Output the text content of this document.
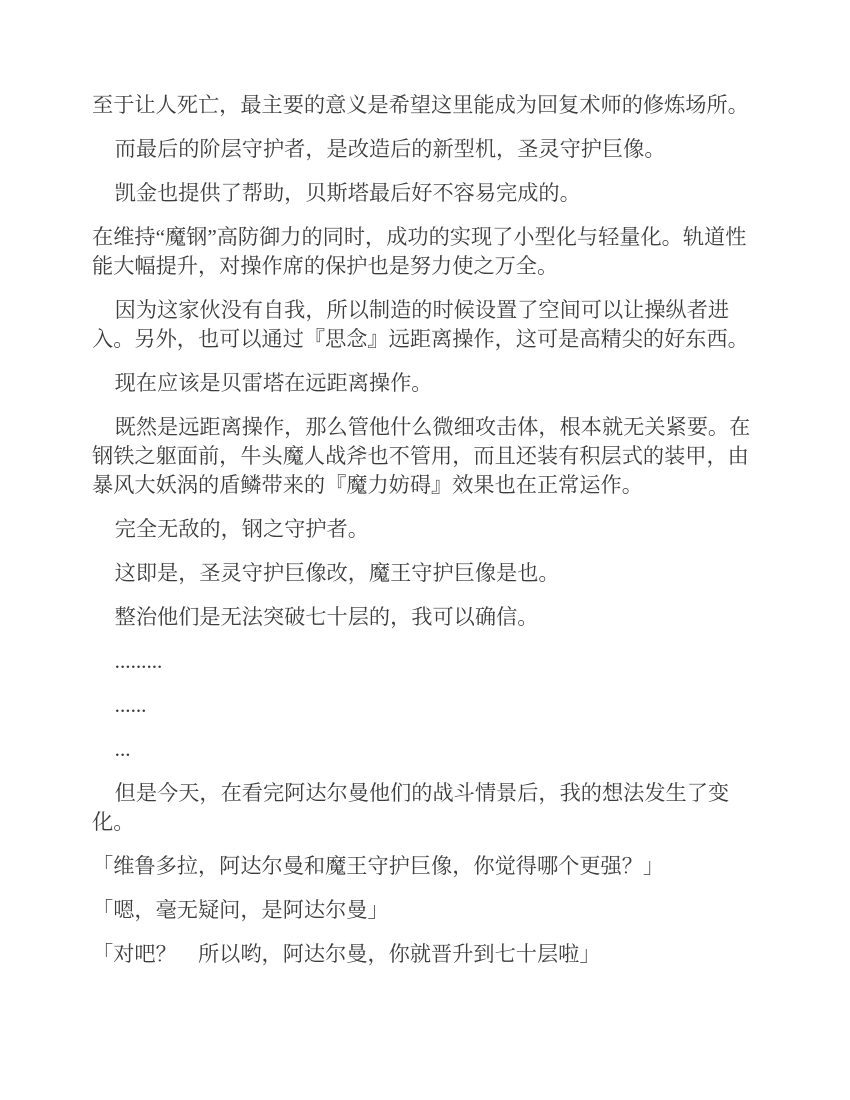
至于让人死亡，最主要的意义是希望这里能成为回复术师的修炼场所。

而最后的阶层守护者，是改造后的新型机，圣灵守护巨像。

凯金也提供了帮助，贝斯塔最后好不容易完成的。

在维持“魔钢”高防御力的同时，成功的实现了小型化与轻量化。轨道性能大幅提升，对操作席的保护也是努力使之万全。

因为这家伙没有自我，所以制造的时候设置了空间可以让操纵者进入。另外，也可以通过『思念』远距离操作，这可是高精尖的好东西。

现在应该是贝雷塔在远距离操作。

既然是远距离操作，那么管他什么微细攻击体，根本就无关紧要。在钢铁之躯面前，牛头魔人战斧也不管用，而且还装有积层式的装甲，由暴风大妖涡的盾鳞带来的『魔力妨碍』效果也在正常运作。

完全无敌的，钢之守护者。

这即是，圣灵守护巨像改，魔王守护巨像是也。

整治他们是无法突破七十层的，我可以确信。

.........

......

...

但是今天，在看完阿达尔曼他们的战斗情景后，我的想法发生了变化。

「维鲁多拉，阿达尔曼和魔王守护巨像，你觉得哪个更强？」

「嗯，毫无疑问，是阿达尔曼」

「对吧？　所以哟，阿达尔曼，你就晋升到七十层啦」
